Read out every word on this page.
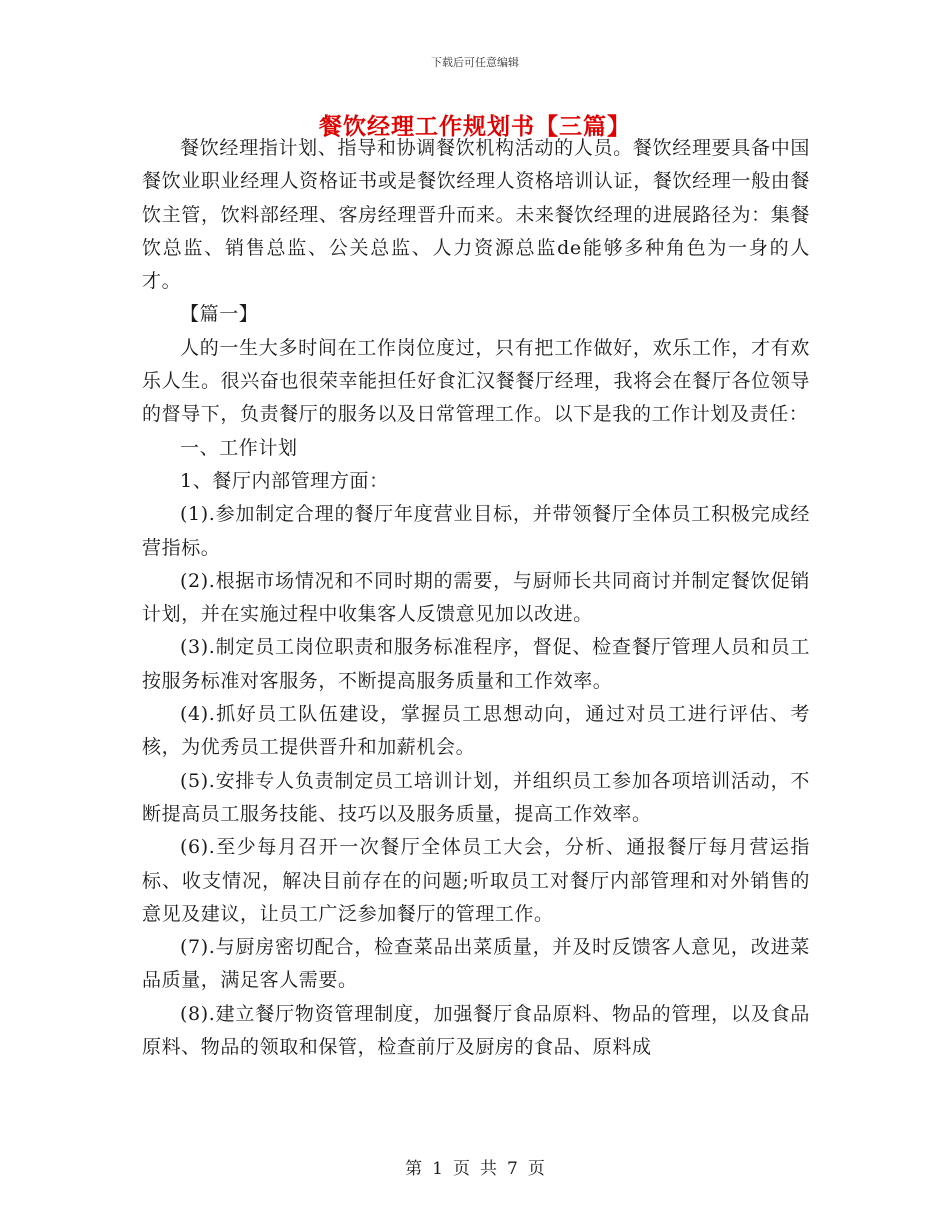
下载后可任意编辑
餐饮经理工作规划书【三篇】

餐饮经理指计划、指导和协调餐饮机构活动的人员。餐饮经理要具备中国餐饮业职业经理人资格证书或是餐饮经理人资格培训认证，餐饮经理一般由餐饮主管，饮料部经理、客房经理晋升而来。未来餐饮经理的进展路径为：集餐饮总监、销售总监、公关总监、人力资源总监de能够多种角色为一身的人才。

【篇一】

人的一生大多时间在工作岗位度过，只有把工作做好，欢乐工作，才有欢乐人生。很兴奋也很荣幸能担任好食汇汉餐餐厅经理，我将会在餐厅各位领导的督导下，负责餐厅的服务以及日常管理工作。以下是我的工作计划及责任：

一、工作计划

1、餐厅内部管理方面：

(1).参加制定合理的餐厅年度营业目标，并带领餐厅全体员工积极完成经营指标。

(2).根据市场情况和不同时期的需要，与厨师长共同商讨并制定餐饮促销计划，并在实施过程中收集客人反馈意见加以改进。

(3).制定员工岗位职责和服务标准程序，督促、检查餐厅管理人员和员工按服务标准对客服务，不断提高服务质量和工作效率。

(4).抓好员工队伍建设，掌握员工思想动向，通过对员工进行评估、考核，为优秀员工提供晋升和加薪机会。

(5).安排专人负责制定员工培训计划，并组织员工参加各项培训活动，不断提高员工服务技能、技巧以及服务质量，提高工作效率。

(6).至少每月召开一次餐厅全体员工大会，分析、通报餐厅每月营运指标、收支情况，解决目前存在的问题;听取员工对餐厅内部管理和对外销售的意见及建议，让员工广泛参加餐厅的管理工作。

(7).与厨房密切配合，检查菜品出菜质量，并及时反馈客人意见，改进菜品质量，满足客人需要。

(8).建立餐厅物资管理制度，加强餐厅食品原料、物品的管理，以及食品原料、物品的领取和保管，检查前厅及厨房的食品、原料成

第 1 页 共 7 页
